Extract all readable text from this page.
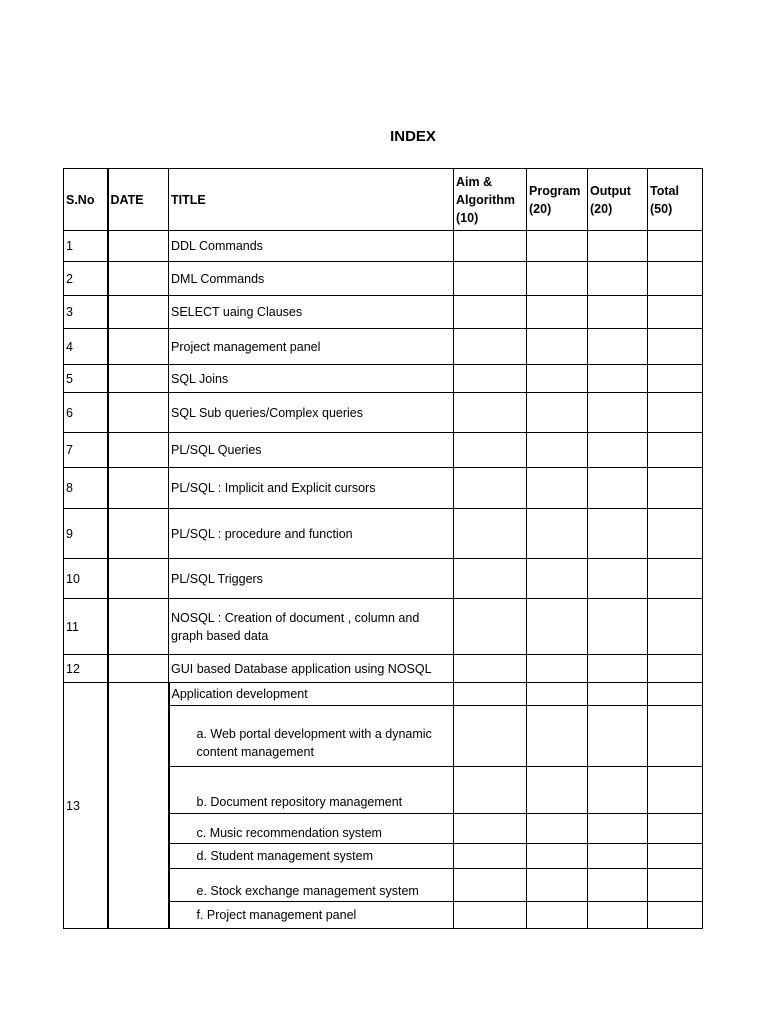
INDEX
S.No	DATE	TITLE	Aim & Algorithm (10)	Program (20)	Output (20)	Total (50)
1		DDL Commands				
2		DML Commands				
3		SELECT uaing Clauses				
4		Project management panel				
5		SQL Joins				
6		SQL Sub queries/Complex queries				
7		PL/SQL Queries				
8		PL/SQL : Implicit and Explicit cursors				
9		PL/SQL : procedure and function				
10		PL/SQL Triggers				
11		NOSQL : Creation of document , column and graph based data				
12		GUI based Database application using NOSQL				
13		Application development				
		a. Web portal development with a dynamic content management				
		b. Document repository management				
		c. Music recommendation system				
		d. Student management system				
		e. Stock exchange management system				
		f. Project management panel				
